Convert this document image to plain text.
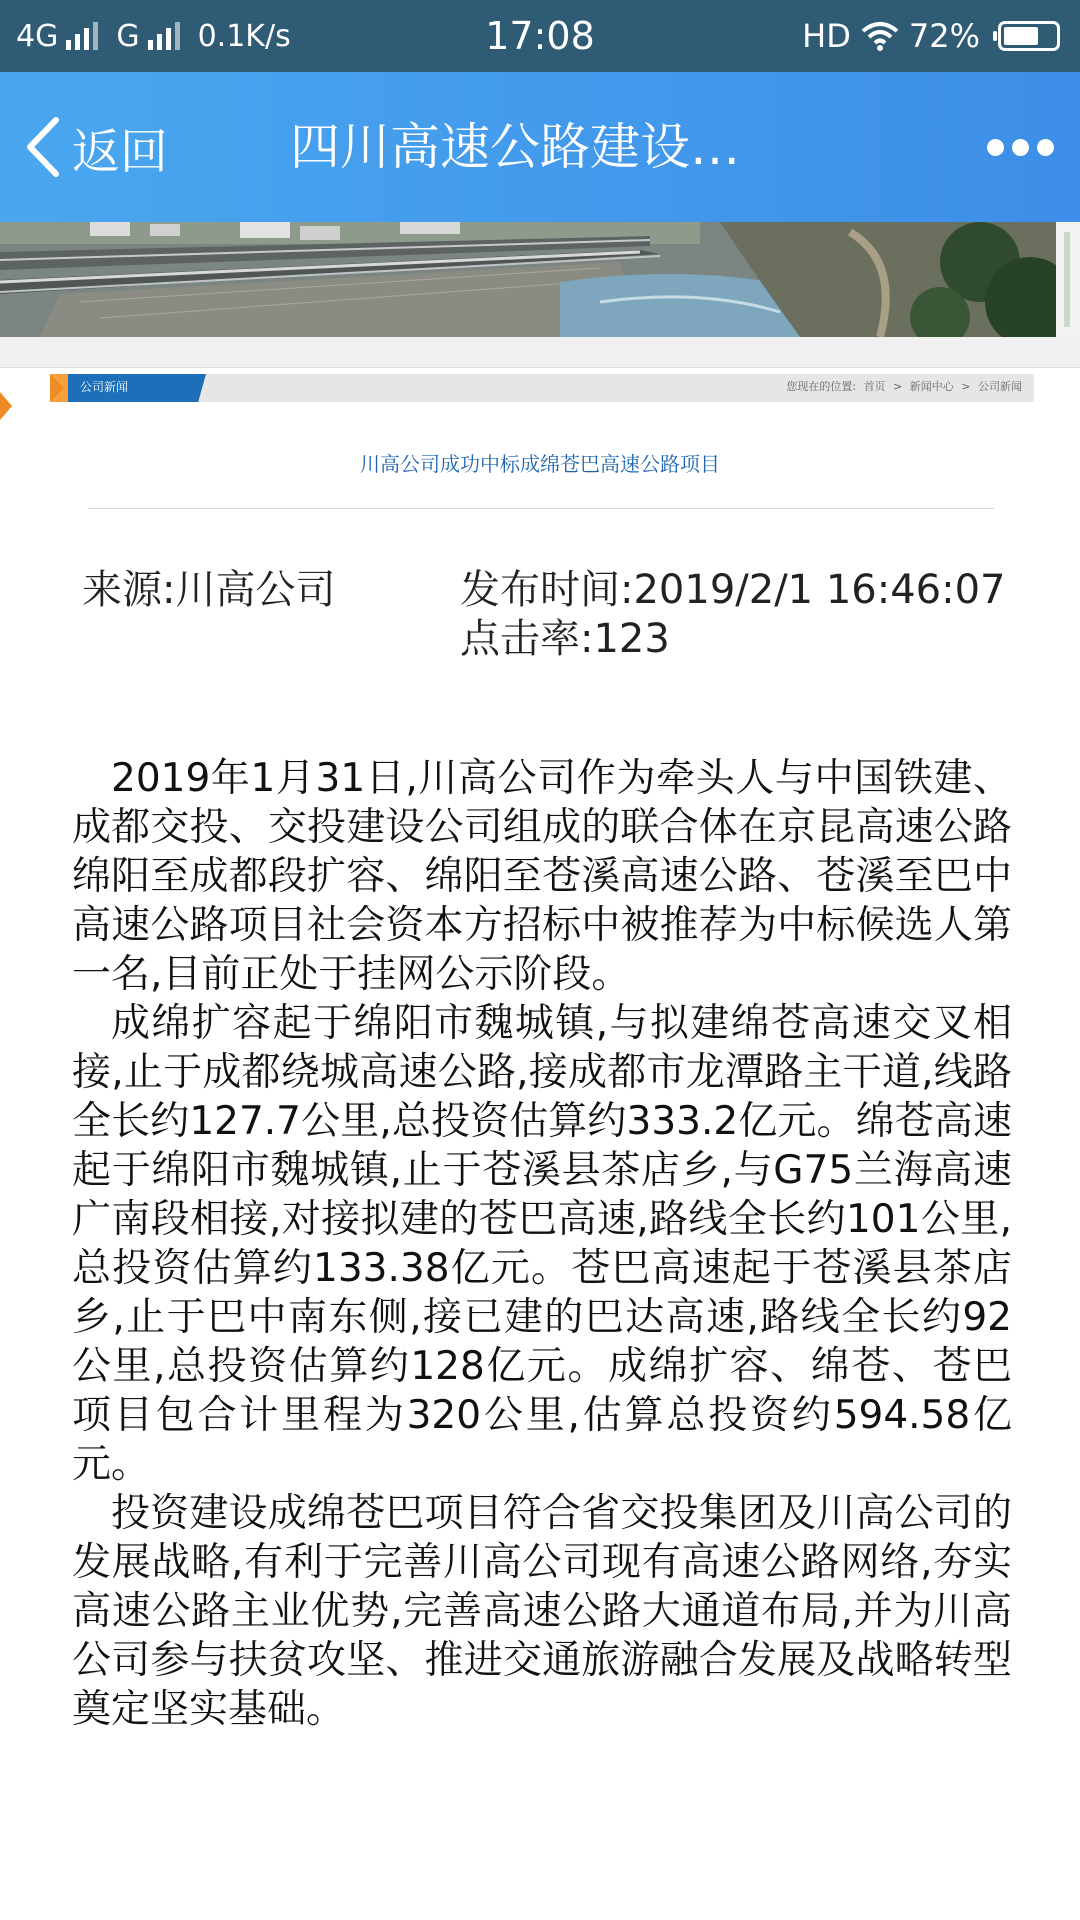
4G G 0.1K/s	17:08	HD 72%
返回 四川高速公路建设…
公司新闻	您现在的位置: 首页 > 新闻中心 > 公司新闻
川高公司成功中标成绵苍巴高速公路项目
来源:川高公司	发布时间:2019/2/1 16:46:07
点击率:123

2019年1月31日,川高公司作为牵头人与中国铁建、成都交投、交投建设公司组成的联合体在京昆高速公路绵阳至成都段扩容、绵阳至苍溪高速公路、苍溪至巴中高速公路项目社会资本方招标中被推荐为中标候选人第一名,目前正处于挂网公示阶段。

成绵扩容起于绵阳市魏城镇,与拟建绵苍高速交叉相接,止于成都绕城高速公路,接成都市龙潭路主干道,线路全长约127.7公里,总投资估算约333.2亿元。绵苍高速起于绵阳市魏城镇,止于苍溪县茶店乡,与G75兰海高速广南段相接,对接拟建的苍巴高速,路线全长约101公里,总投资估算约133.38亿元。苍巴高速起于苍溪县茶店乡,止于巴中南东侧,接已建的巴达高速,路线全长约92公里,总投资估算约128亿元。成绵扩容、绵苍、苍巴项目包合计里程为320公里,估算总投资约594.58亿元。

投资建设成绵苍巴项目符合省交投集团及川高公司的发展战略,有利于完善川高公司现有高速公路网络,夯实高速公路主业优势,完善高速公路大通道布局,并为川高公司参与扶贫攻坚、推进交通旅游融合发展及战略转型奠定坚实基础。
